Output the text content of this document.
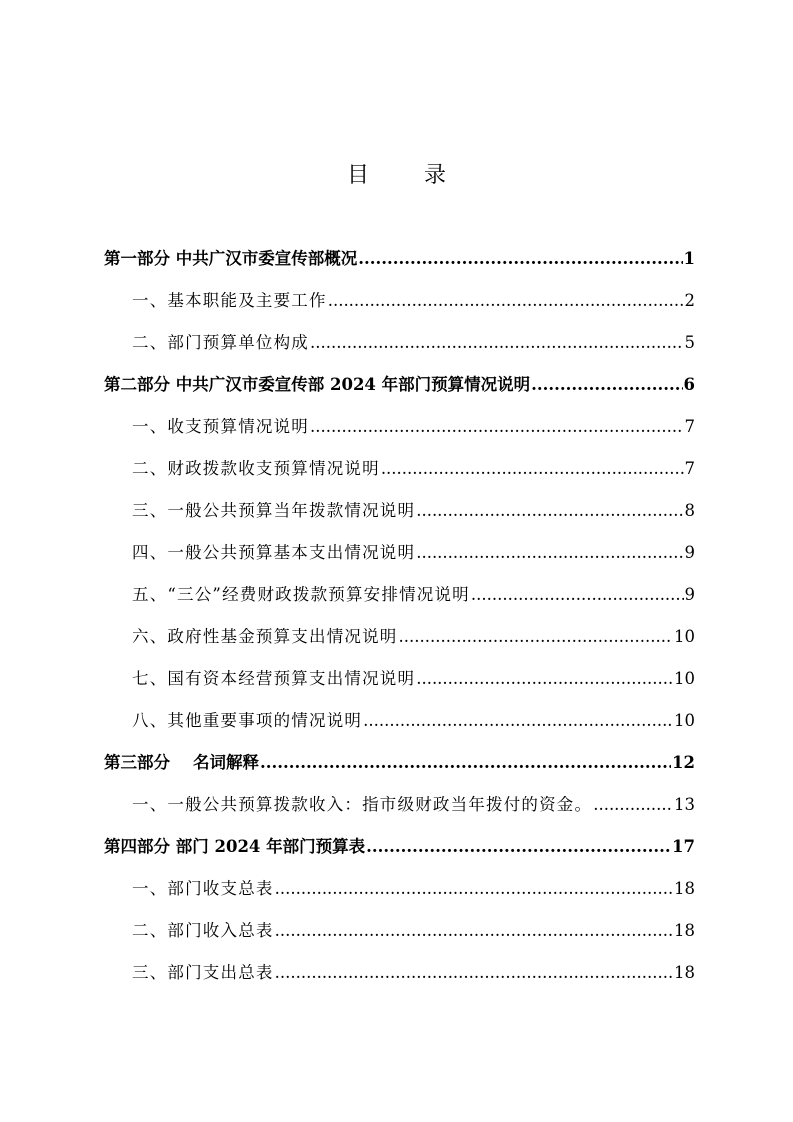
目 录
第一部分 中共广汉市委宣传部概况 .....	1
一、基本职能及主要工作 .....	2
二、部门预算单位构成 .....	5
第二部分 中共广汉市委宣传部 2024 年部门预算情况说明 .....	6
一、收支预算情况说明 .....	7
二、财政拨款收支预算情况说明 .....	7
三、一般公共预算当年拨款情况说明 .....	8
四、一般公共预算基本支出情况说明 .....	9
五、“三公”经费财政拨款预算安排情况说明 .....	9
六、政府性基金预算支出情况说明 .....	10
七、国有资本经营预算支出情况说明 .....	10
八、其他重要事项的情况说明 .....	10
第三部分    名词解释 .....	12
一、一般公共预算拨款收入：指市级财政当年拨付的资金。 .....	13
第四部分 部门 2024 年部门预算表 .....	17
一、部门收支总表 .....	18
二、部门收入总表 .....	18
三、部门支出总表 .....	18
